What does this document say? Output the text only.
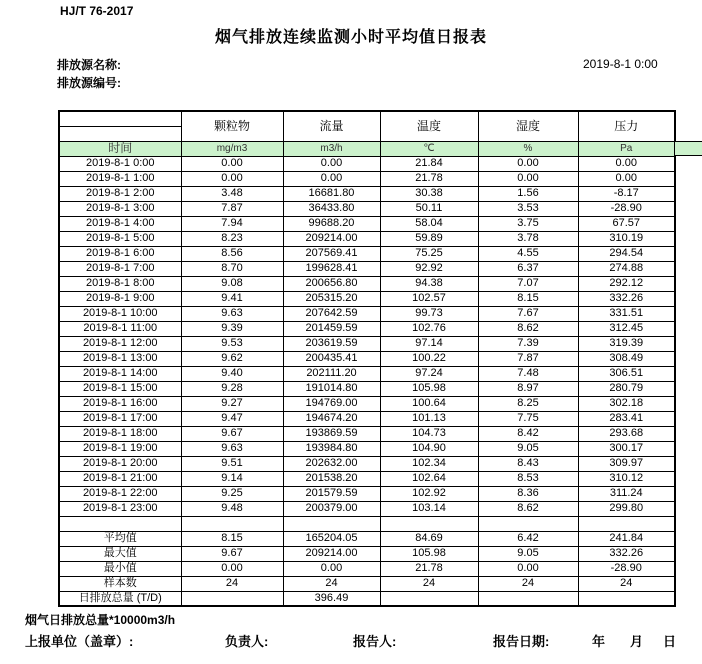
HJ/T 76-2017
烟气排放连续监测小时平均值日报表
排放源名称:	2019-8-1 0:00
排放源编号:
	颗粒物	流量	温度	湿度	压力

时间	mg/m3	m3/h	℃	%	Pa
2019-8-1 0:00	0.00	0.00	21.84	0.00	0.00
2019-8-1 1:00	0.00	0.00	21.78	0.00	0.00
2019-8-1 2:00	3.48	16681.80	30.38	1.56	-8.17
2019-8-1 3:00	7.87	36433.80	50.11	3.53	-28.90
2019-8-1 4:00	7.94	99688.20	58.04	3.75	67.57
2019-8-1 5:00	8.23	209214.00	59.89	3.78	310.19
2019-8-1 6:00	8.56	207569.41	75.25	4.55	294.54
2019-8-1 7:00	8.70	199628.41	92.92	6.37	274.88
2019-8-1 8:00	9.08	200656.80	94.38	7.07	292.12
2019-8-1 9:00	9.41	205315.20	102.57	8.15	332.26
2019-8-1 10:00	9.63	207642.59	99.73	7.67	331.51
2019-8-1 11:00	9.39	201459.59	102.76	8.62	312.45
2019-8-1 12:00	9.53	203619.59	97.14	7.39	319.39
2019-8-1 13:00	9.62	200435.41	100.22	7.87	308.49
2019-8-1 14:00	9.40	202111.20	97.24	7.48	306.51
2019-8-1 15:00	9.28	191014.80	105.98	8.97	280.79
2019-8-1 16:00	9.27	194769.00	100.64	8.25	302.18
2019-8-1 17:00	9.47	194674.20	101.13	7.75	283.41
2019-8-1 18:00	9.67	193869.59	104.73	8.42	293.68
2019-8-1 19:00	9.63	193984.80	104.90	9.05	300.17
2019-8-1 20:00	9.51	202632.00	102.34	8.43	309.97
2019-8-1 21:00	9.14	201538.20	102.64	8.53	310.12
2019-8-1 22:00	9.25	201579.59	102.92	8.36	311.24
2019-8-1 23:00	9.48	200379.00	103.14	8.62	299.80

平均值	8.15	165204.05	84.69	6.42	241.84
最大值	9.67	209214.00	105.98	9.05	332.26
最小值	0.00	0.00	21.78	0.00	-28.90
样本数	24	24	24	24	24
日排放总量 (T/D)		396.49			
烟气日排放总量*10000m3/h
上报单位（盖章）:	负责人:	报告人:	报告日期:	年 月 日
